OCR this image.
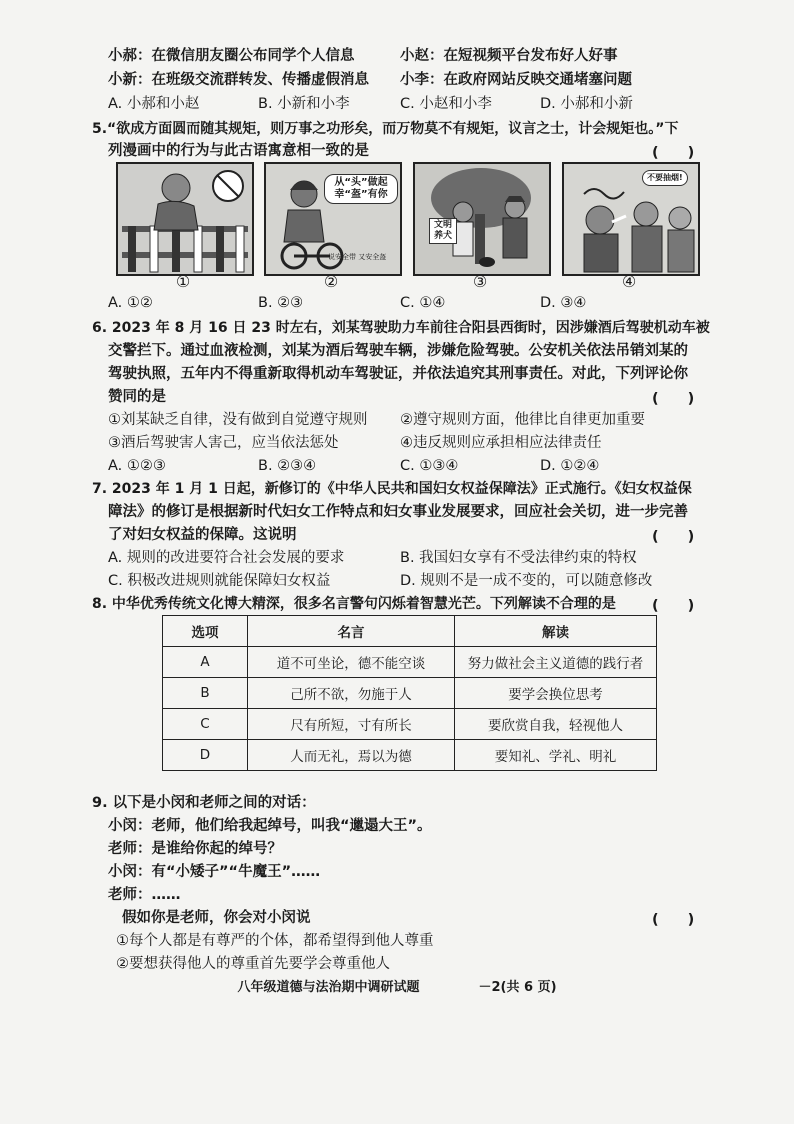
小郝：在微信朋友圈公布同学个人信息	小赵：在短视频平台发布好人好事
小新：在班级交流群转发、传播虚假消息 小李：在政府网站反映交通堵塞问题
A. 小郝和小赵	B. 小新和小李	C. 小赵和小李	D. 小郝和小新
5.“欲成方面圆而随其规矩，则万事之功形矣，而万物莫不有规矩，议言之士，计会规矩也。”下
列漫画中的行为与此古语寓意相一致的是	(　　)
①
从“头”做起 幸“盔”有你
说安全带 又安全盔
②
文明 养犬
③
不要抽烟!
④
A. ①②	B. ②③	C. ①④	D. ③④
6. 2023 年 8 月 16 日 23 时左右，刘某驾驶助力车前往合阳县西街时，因涉嫌酒后驾驶机动车被
交警拦下。通过血液检测，刘某为酒后驾驶车辆，涉嫌危险驾驶。公安机关依法吊销刘某的
驾驶执照，五年内不得重新取得机动车驾驶证，并依法追究其刑事责任。对此，下列评论你
赞同的是	(　　)
①刘某缺乏自律，没有做到自觉遵守规则 ②遵守规则方面，他律比自律更加重要
③酒后驾驶害人害己，应当依法惩处	④违反规则应承担相应法律责任
A. ①②③	B. ②③④	C. ①③④	D. ①②④
7. 2023 年 1 月 1 日起，新修订的《中华人民共和国妇女权益保障法》正式施行。《妇女权益保
障法》的修订是根据新时代妇女工作特点和妇女事业发展要求，回应社会关切，进一步完善
了对妇女权益的保障。这说明	(　　)
A. 规则的改进要符合社会发展的要求	B. 我国妇女享有不受法律约束的特权
C. 积极改进规则就能保障妇女权益	D. 规则不是一成不变的，可以随意修改
8. 中华优秀传统文化博大精深，很多名言警句闪烁着智慧光芒。下列解读不合理的是 (　　)
选项	名言	解读
A	道不可坐论，德不能空谈	努力做社会主义道德的践行者
B	己所不欲，勿施于人	要学会换位思考
C	尺有所短，寸有所长	要欣赏自我，轻视他人
D	人而无礼，焉以为德	要知礼、学礼、明礼
9. 以下是小闵和老师之间的对话：
小闵：老师，他们给我起绰号，叫我“邋遢大王”。
老师：是谁给你起的绰号？
小闵：有“小矮子”“牛魔王”……
老师：……
假如你是老师，你会对小闵说	(　　)
①每个人都是有尊严的个体，都希望得到他人尊重
②要想获得他人的尊重首先要学会尊重他人
八年级道德与法治期中调研试题	－2(共 6 页)
